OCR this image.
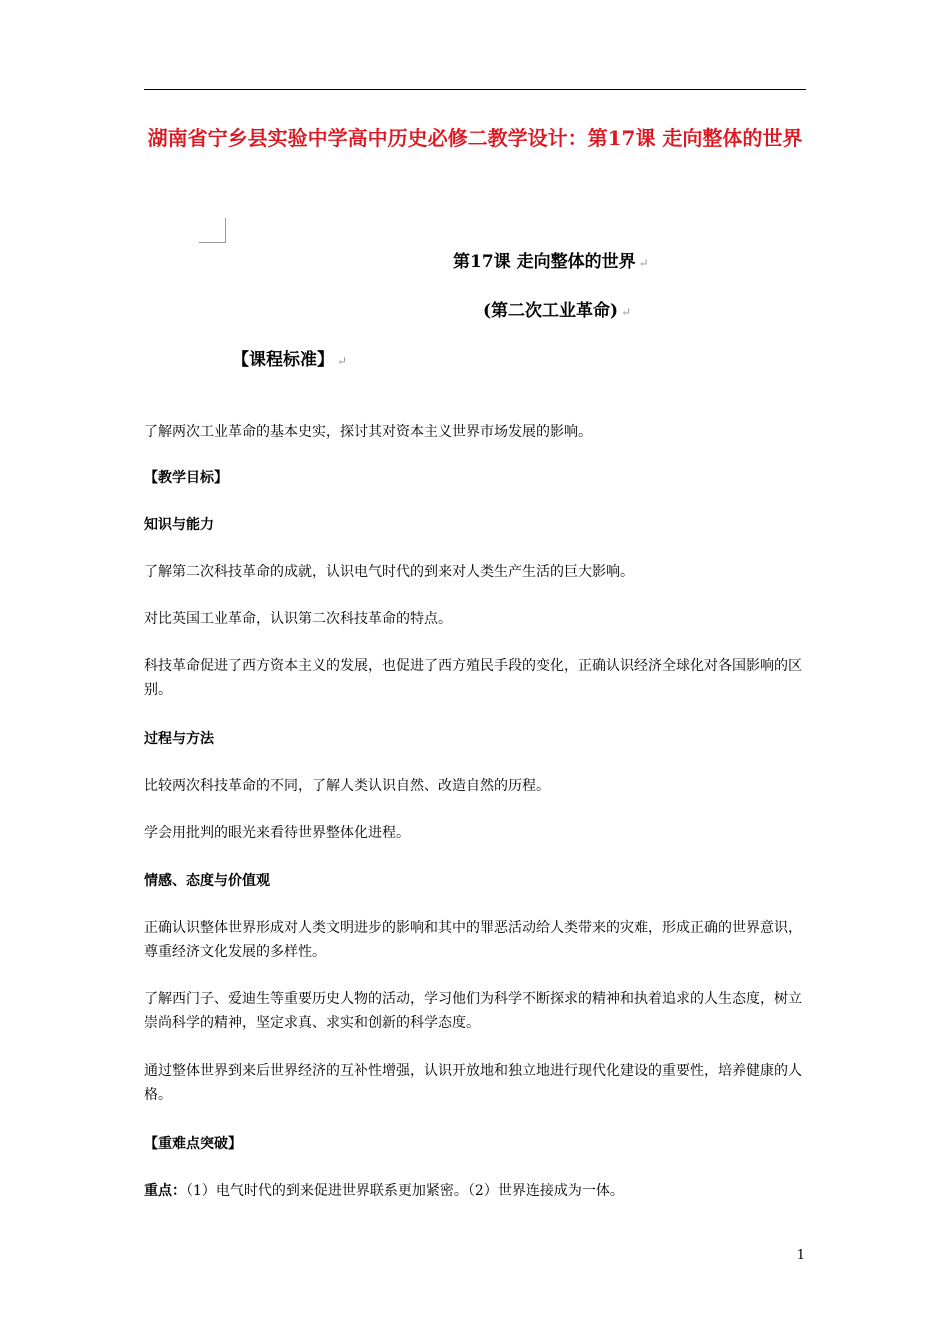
湖南省宁乡县实验中学高中历史必修二教学设计：第17课 走向整体的世界
第17课 走向整体的世界 ↵
(第二次工业革命) ↵
【课程标准】 ↵
了解两次工业革命的基本史实，探讨其对资本主义世界市场发展的影响。
【教学目标】
知识与能力
了解第二次科技革命的成就，认识电气时代的到来对人类生产生活的巨大影响。
对比英国工业革命，认识第二次科技革命的特点。
科技革命促进了西方资本主义的发展，也促进了西方殖民手段的变化，正确认识经济全球化对各国影响的区别。
过程与方法
比较两次科技革命的不同，了解人类认识自然、改造自然的历程。
学会用批判的眼光来看待世界整体化进程。
情感、态度与价值观
正确认识整体世界形成对人类文明进步的影响和其中的罪恶活动给人类带来的灾难，形成正确的世界意识，尊重经济文化发展的多样性。
了解西门子、爱迪生等重要历史人物的活动，学习他们为科学不断探求的精神和执着追求的人生态度，树立崇尚科学的精神，坚定求真、求实和创新的科学态度。
通过整体世界到来后世界经济的互补性增强，认识开放地和独立地进行现代化建设的重要性，培养健康的人格。
【重难点突破】
重点：（1）电气时代的到来促进世界联系更加紧密。（2）世界连接成为一体。
1
